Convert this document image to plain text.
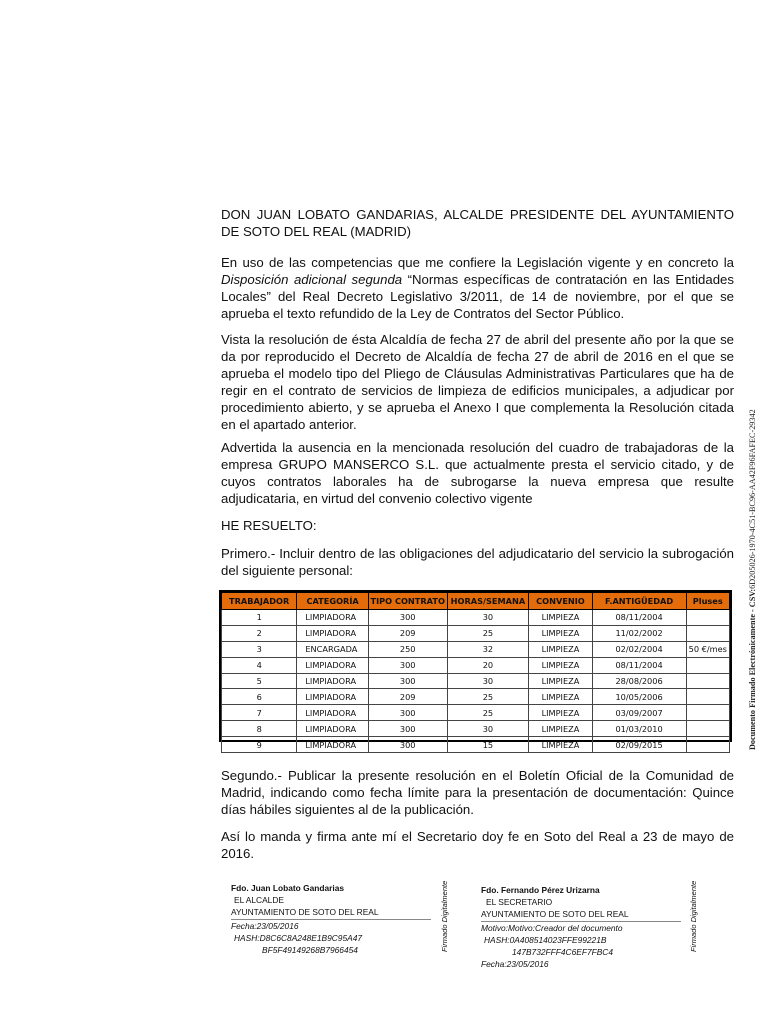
DON JUAN LOBATO GANDARIAS, ALCALDE PRESIDENTE DEL AYUNTAMIENTO DE SOTO DEL REAL (MADRID)
En uso de las competencias que me confiere la Legislación vigente y en concreto la Disposición adicional segunda “Normas específicas de contratación en las Entidades Locales” del Real Decreto Legislativo 3/2011, de 14 de noviembre, por el que se aprueba el texto refundido de la Ley de Contratos del Sector Público.
Vista la resolución de ésta Alcaldía de fecha 27 de abril del presente año por la que se da por reproducido el Decreto de Alcaldía de fecha 27 de abril de 2016 en el que se aprueba el modelo tipo del Pliego de Cláusulas Administrativas Particulares que ha de regir en el contrato de servicios de limpieza de edificios municipales, a adjudicar por procedimiento abierto, y se aprueba el Anexo I que complementa la Resolución citada en el apartado anterior.
Advertida la ausencia en la mencionada resolución del cuadro de trabajadoras de la empresa GRUPO MANSERCO S.L. que actualmente presta el servicio citado, y de cuyos contratos laborales ha de subrogarse la nueva empresa que resulte adjudicataria, en virtud del convenio colectivo vigente
HE RESUELTO:
Primero.- Incluir dentro de las obligaciones del adjudicatario del servicio la subrogación del siguiente personal:
TRABAJADOR	CATEGORÍA	TIPO CONTRATO	HORAS/SEMANA	CONVENIO	F.ANTIGÜEDAD	Pluses
1	LIMPIADORA	300	30	LIMPIEZA	08/11/2004	
2	LIMPIADORA	209	25	LIMPIEZA	11/02/2002	
3	ENCARGADA	250	32	LIMPIEZA	02/02/2004	50 €/mes
4	LIMPIADORA	300	20	LIMPIEZA	08/11/2004	
5	LIMPIADORA	300	30	LIMPIEZA	28/08/2006	
6	LIMPIADORA	209	25	LIMPIEZA	10/05/2006	
7	LIMPIADORA	300	25	LIMPIEZA	03/09/2007	
8	LIMPIADORA	300	30	LIMPIEZA	01/03/2010	
9	LIMPIADORA	300	15	LIMPIEZA	02/09/2015	
Segundo.- Publicar la presente resolución en el Boletín Oficial de la Comunidad de Madrid, indicando como fecha límite para la presentación de documentación: Quince días hábiles siguientes al de la publicación.
Así lo manda y firma ante mí el Secretario doy fe en Soto del Real a 23 de mayo de 2016.
Documento Firmado Electrónicamente - CSV:6D205026-1970-4C51-BC96-AA42F96FAFEC-29342
Fdo. Juan Lobato Gandarias
EL ALCALDE
AYUNTAMIENTO DE SOTO DEL REAL
Fecha:23/05/2016
HASH:D8C6C8A248E1B9C95A47
BF5F49149268B7966454	Firmado Digitalmente	Fdo. Fernando Pérez Urizarna
EL SECRETARIO
AYUNTAMIENTO DE SOTO DEL REAL
Motivo:Motivo:Creador del documento
HASH:0A408514023FFE99221B
147B732FFF4C6EF7FBC4
Fecha:23/05/2016
Firmado Digitalmente
